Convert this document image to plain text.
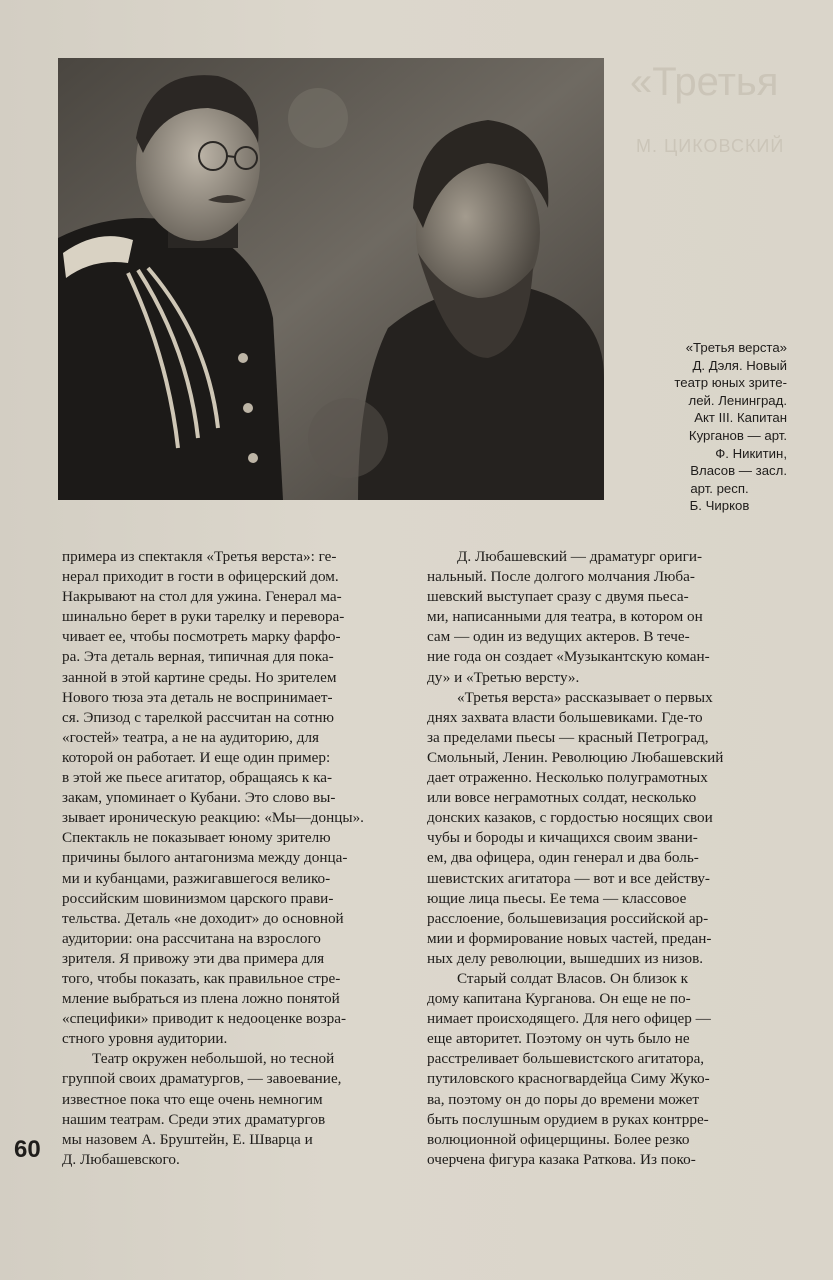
«Третья
М. ЦИКОВСКИЙ
«Третья верста»
Д. Дэля. Новый
театр юных зрите-
лей. Ленинград.
Акт III. Капитан
Курганов — арт.
Ф. Никитин,
Власов — засл.
арт. респ.
Б. Чирков
примера из спектакля «Третья верста»: ге-
нерал приходит в гости в офицерский дом.
Накрывают на стол для ужина. Генерал ма-
шинально берет в руки тарелку и перевора-
чивает ее, чтобы посмотреть марку фарфо-
ра. Эта деталь верная, типичная для пока-
занной в этой картине среды. Но зрителем
Нового тюза эта деталь не воспринимает-
ся. Эпизод с тарелкой рассчитан на сотню
«гостей» театра, а не на аудиторию, для
которой он работает. И еще один пример:
в этой же пьесе агитатор, обращаясь к ка-
закам, упоминает о Кубани. Это слово вы-
зывает ироническую реакцию: «Мы—донцы».
Спектакль не показывает юному зрителю
причины былого антагонизма между донца-
ми и кубанцами, разжигавшегося велико-
российским шовинизмом царского прави-
тельства. Деталь «не доходит» до основной
аудитории: она рассчитана на взрослого
зрителя. Я привожу эти два примера для
того, чтобы показать, как правильное стре-
мление выбраться из плена ложно понятой
«специфики» приводит к недооценке возра-
стного уровня аудитории.
Театр окружен небольшой, но тесной
группой своих драматургов, — завоевание,
известное пока что еще очень немногим
нашим театрам. Среди этих драматургов
мы назовем А. Бруштейн, Е. Шварца и
Д. Любашевского.
Д. Любашевский — драматург ориги-
нальный. После долгого молчания Люба-
шевский выступает сразу с двумя пьеса-
ми, написанными для театра, в котором он
сам — один из ведущих актеров. В тече-
ние года он создает «Музыкантскую коман-
ду» и «Третью версту».
«Третья верста» рассказывает о первых
днях захвата власти большевиками. Где-то
за пределами пьесы — красный Петроград,
Смольный, Ленин. Революцию Любашевский
дает отраженно. Несколько полуграмотных
или вовсе неграмотных солдат, несколько
донских казаков, с гордостью носящих свои
чубы и бороды и кичащихся своим звани-
ем, два офицера, один генерал и два боль-
шевистских агитатора — вот и все действу-
ющие лица пьесы. Ее тема — классовое
расслоение, большевизация российской ар-
мии и формирование новых частей, предан-
ных делу революции, вышедших из низов.
Старый солдат Власов. Он близок к
дому капитана Курганова. Он еще не по-
нимает происходящего. Для него офицер —
еще авторитет. Поэтому он чуть было не
расстреливает большевистского агитатора,
путиловского красногвардейца Симу Жуко-
ва, поэтому он до поры до времени может
быть послушным орудием в руках контрре-
волюционной офицерщины. Более резко
очерчена фигура казака Раткова. Из поко-
60
